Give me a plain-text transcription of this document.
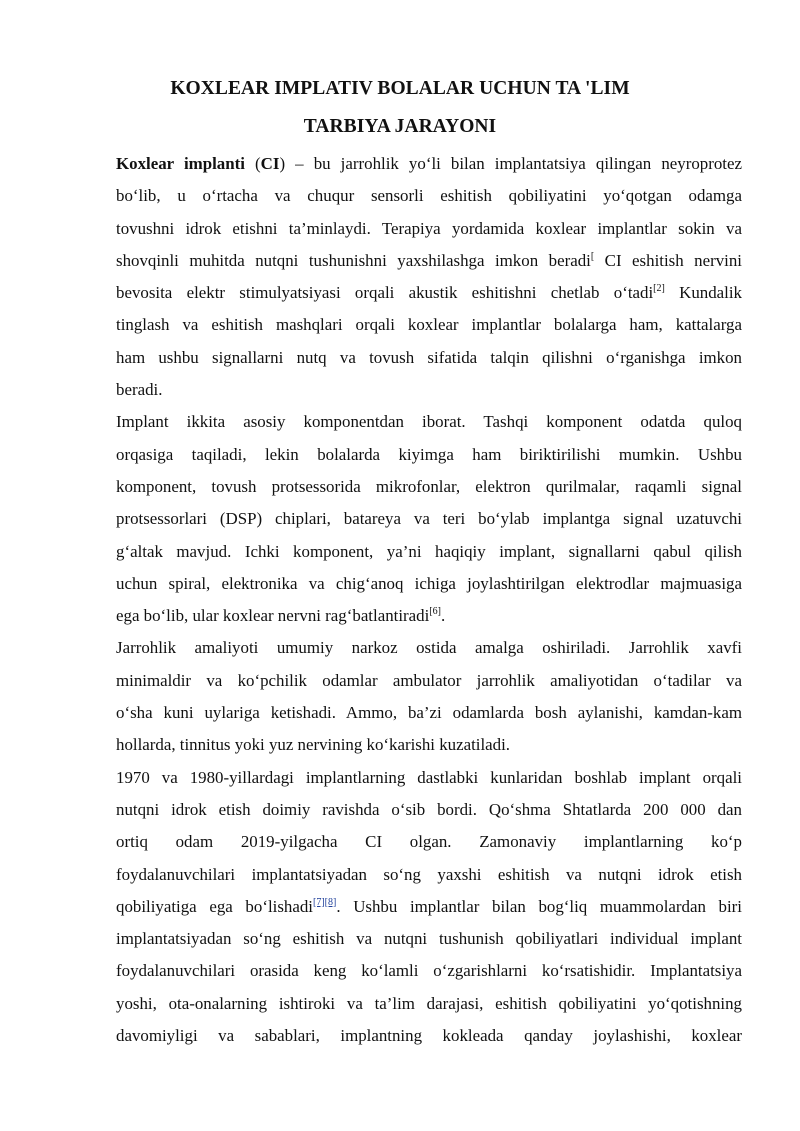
KOXLEAR IMPLATIV BOLALAR UCHUN TA 'LIM
TARBIYA JARAYONI
Koxlear implanti (CI) – bu jarrohlik yo‘li bilan implantatsiya qilingan neyroprotez
bo‘lib, u o‘rtacha va chuqur sensorli eshitish qobiliyatini yo‘qotgan odamga
tovushni idrok etishni ta’minlaydi. Terapiya yordamida koxlear implantlar sokin va
shovqinli muhitda nutqni tushunishni yaxshilashga imkon beradi[ CI eshitish nervini
bevosita elektr stimulyatsiyasi orqali akustik eshitishni chetlab o‘tadi[2] Kundalik
tinglash va eshitish mashqlari orqali koxlear implantlar bolalarga ham, kattalarga
ham ushbu signallarni nutq va tovush sifatida talqin qilishni o‘rganishga imkon
beradi.
Implant ikkita asosiy komponentdan iborat. Tashqi komponent odatda quloq
orqasiga taqiladi, lekin bolalarda kiyimga ham biriktirilishi mumkin. Ushbu
komponent, tovush protsessorida mikrofonlar, elektron qurilmalar, raqamli signal
protsessorlari (DSP) chiplari, batareya va teri bo‘ylab implantga signal uzatuvchi
g‘altak mavjud. Ichki komponent, ya’ni haqiqiy implant, signallarni qabul qilish
uchun spiral, elektronika va chig‘anoq ichiga joylashtirilgan elektrodlar majmuasiga
ega bo‘lib, ular koxlear nervni rag‘batlantiradi[6].
Jarrohlik amaliyoti umumiy narkoz ostida amalga oshiriladi. Jarrohlik xavfi
minimaldir va ko‘pchilik odamlar ambulator jarrohlik amaliyotidan o‘tadilar va
o‘sha kuni uylariga ketishadi. Ammo, ba’zi odamlarda bosh aylanishi, kamdan-kam
hollarda, tinnitus yoki yuz nervining ko‘karishi kuzatiladi.
1970 va 1980-yillardagi implantlarning dastlabki kunlaridan boshlab implant orqali
nutqni idrok etish doimiy ravishda o‘sib bordi. Qo‘shma Shtatlarda 200 000 dan
ortiq odam 2019-yilgacha CI olgan. Zamonaviy implantlarning ko‘p
foydalanuvchilari implantatsiyadan so‘ng yaxshi eshitish va nutqni idrok etish
qobiliyatiga ega bo‘lishadi[7][8]. Ushbu implantlar bilan bog‘liq muammolardan biri
implantatsiyadan so‘ng eshitish va nutqni tushunish qobiliyatlari individual implant
foydalanuvchilari orasida keng ko‘lamli o‘zgarishlarni ko‘rsatishidir. Implantatsiya
yoshi, ota-onalarning ishtiroki va ta’lim darajasi, eshitish qobiliyatini yo‘qotishning
davomiyligi va sabablari, implantning kokleada qanday joylashishi, koxlear
